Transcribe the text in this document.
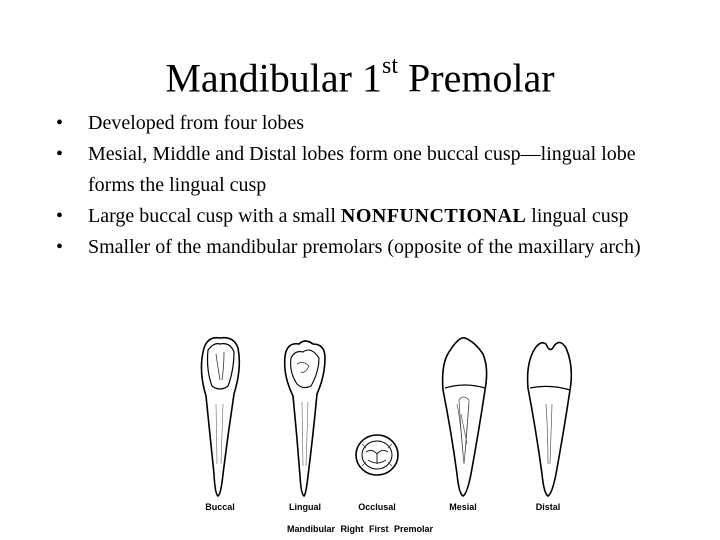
Mandibular 1st Premolar
• Developed from four lobes
• Mesial, Middle and Distal lobes form one buccal cusp—lingual lobe forms the lingual cusp
• Large buccal cusp with a small NONFUNCTIONAL lingual cusp
• Smaller of the mandibular premolars (opposite of the maxillary arch)
Buccal	Lingual	Occlusal	Mesial	Distal
Mandibular Right First Premolar
